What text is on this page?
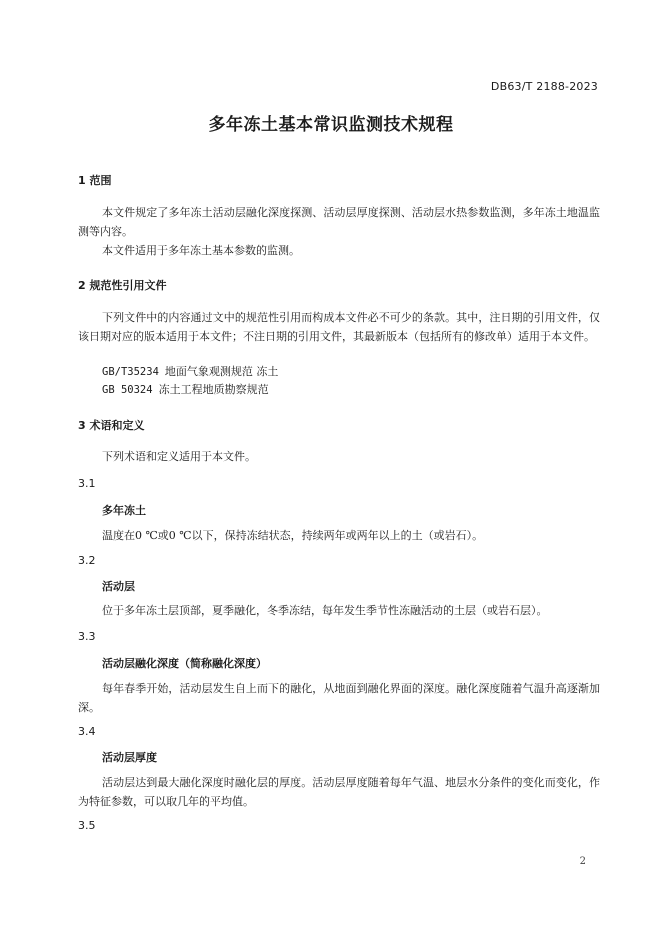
DB63/T 2188-2023
多年冻土基本常识监测技术规程
1 范围
本文件规定了多年冻土活动层融化深度探测、活动层厚度探测、活动层水热参数监测，多年冻土地温监测等内容。
本文件适用于多年冻土基本参数的监测。
2 规范性引用文件
下列文件中的内容通过文中的规范性引用而构成本文件必不可少的条款。其中，注日期的引用文件，仅该日期对应的版本适用于本文件；不注日期的引用文件，其最新版本（包括所有的修改单）适用于本文件。
GB/T35234 地面气象观测规范 冻土
GB 50324 冻土工程地质勘察规范
3 术语和定义
下列术语和定义适用于本文件。
3.1
多年冻土
温度在0 ℃或0 ℃以下，保持冻结状态，持续两年或两年以上的土（或岩石）。
3.2
活动层
位于多年冻土层顶部，夏季融化，冬季冻结，每年发生季节性冻融活动的土层（或岩石层）。
3.3
活动层融化深度（简称融化深度）
每年春季开始，活动层发生自上而下的融化，从地面到融化界面的深度。融化深度随着气温升高逐渐加深。
3.4
活动层厚度
活动层达到最大融化深度时融化层的厚度。活动层厚度随着每年气温、地层水分条件的变化而变化，作为特征参数，可以取几年的平均值。
3.5
2
